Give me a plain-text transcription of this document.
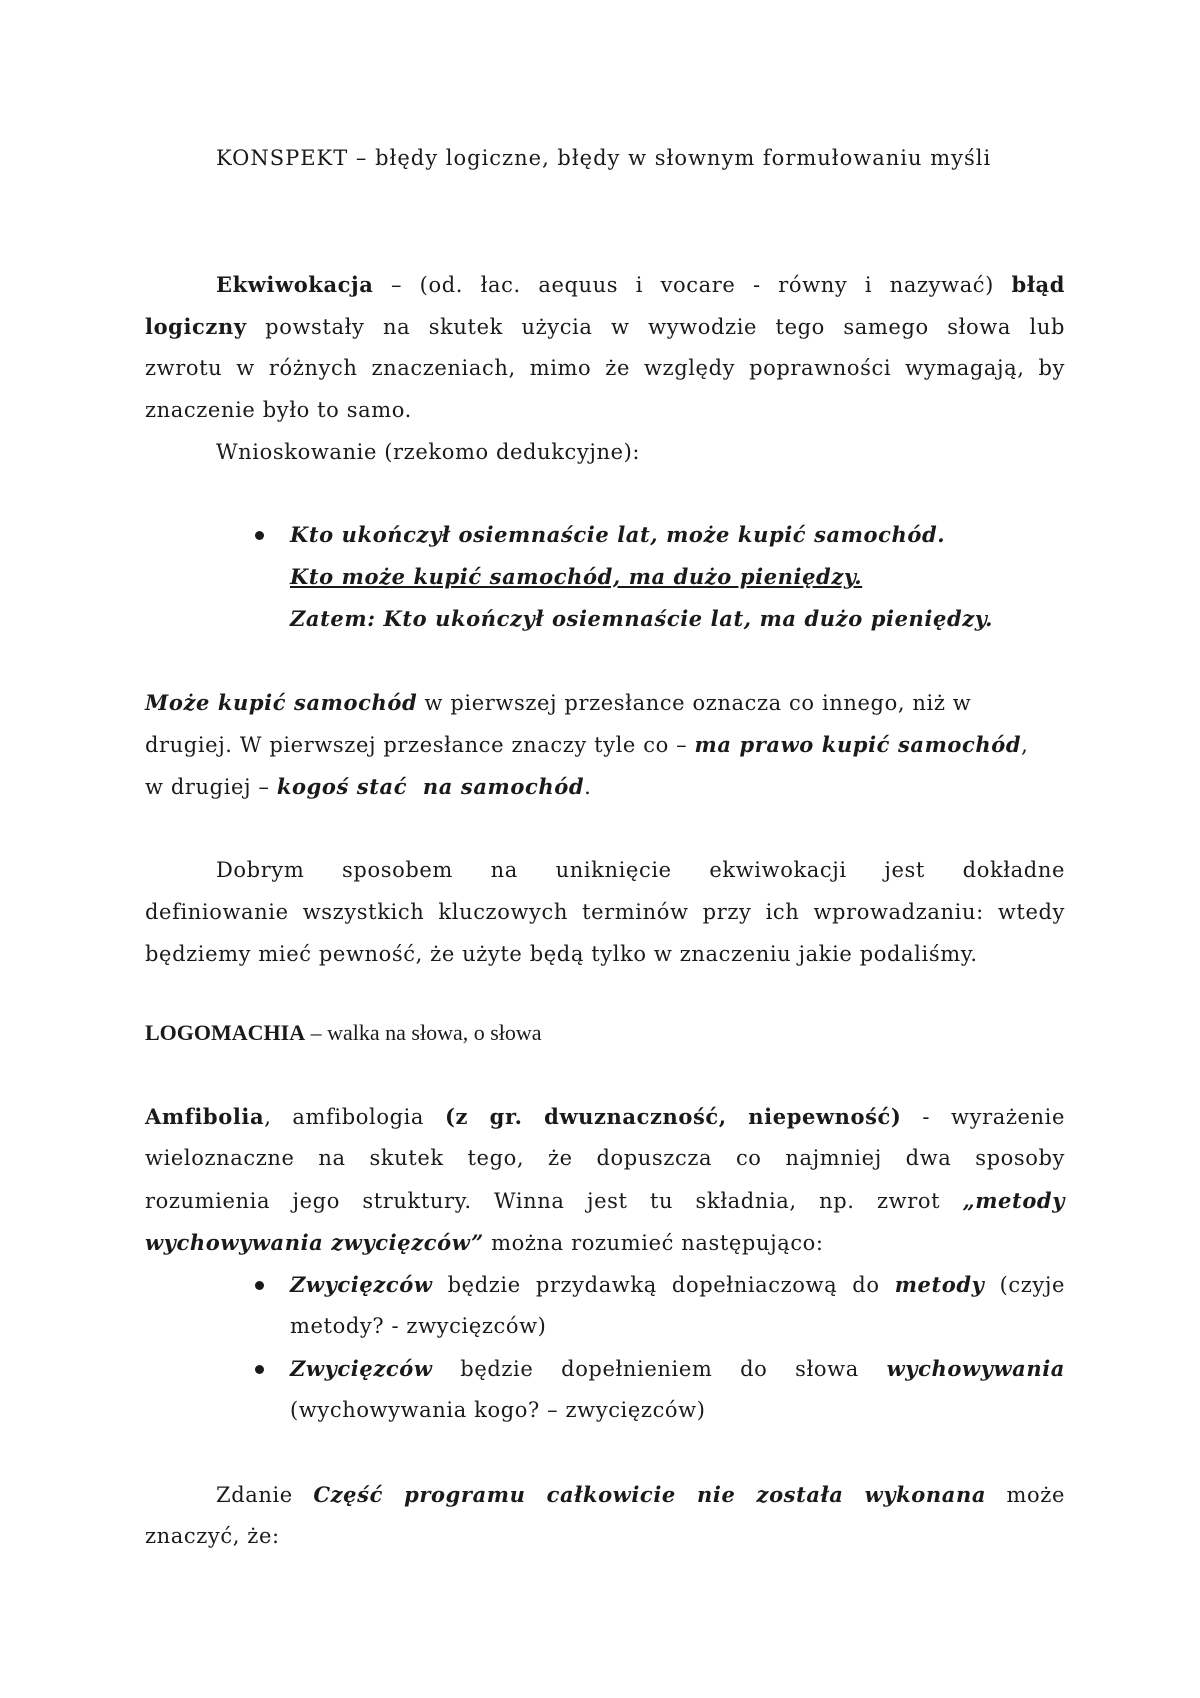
KONSPEKT – błędy logiczne, błędy w słownym formułowaniu myśli
Ekwiwokacja – (od. łac. aequus i vocare - równy i nazywać) błąd
logiczny powstały na skutek użycia w wywodzie tego samego słowa lub
zwrotu w różnych znaczeniach, mimo że względy poprawności wymagają, by
znaczenie było to samo.
Wnioskowanie (rzekomo dedukcyjne):
Kto ukończył osiemnaście lat, może kupić samochód.
Kto może kupić samochód, ma dużo pieniędzy.
Zatem: Kto ukończył osiemnaście lat, ma dużo pieniędzy.
Może kupić samochód w pierwszej przesłance oznacza co innego, niż w
drugiej. W pierwszej przesłance znaczy tyle co – ma prawo kupić samochód,
w drugiej – kogoś stać  na samochód.
Dobrym sposobem na uniknięcie ekwiwokacji jest dokładne
definiowanie wszystkich kluczowych terminów przy ich wprowadzaniu: wtedy
będziemy mieć pewność, że użyte będą tylko w znaczeniu jakie podaliśmy.
LOGOMACHIA – walka na słowa, o słowa
Amfibolia, amfibologia (z gr. dwuznaczność, niepewność) - wyrażenie
wieloznaczne na skutek tego, że dopuszcza co najmniej dwa sposoby
rozumienia jego struktury. Winna jest tu składnia, np. zwrot „metody
wychowywania zwycięzców” można rozumieć następująco:
Zwycięzców będzie przydawką dopełniaczową do metody (czyje
metody? - zwycięzców)
Zwycięzców będzie dopełnieniem do słowa wychowywania
(wychowywania kogo? – zwycięzców)
Zdanie Część programu całkowicie nie została wykonana może
znaczyć, że:
